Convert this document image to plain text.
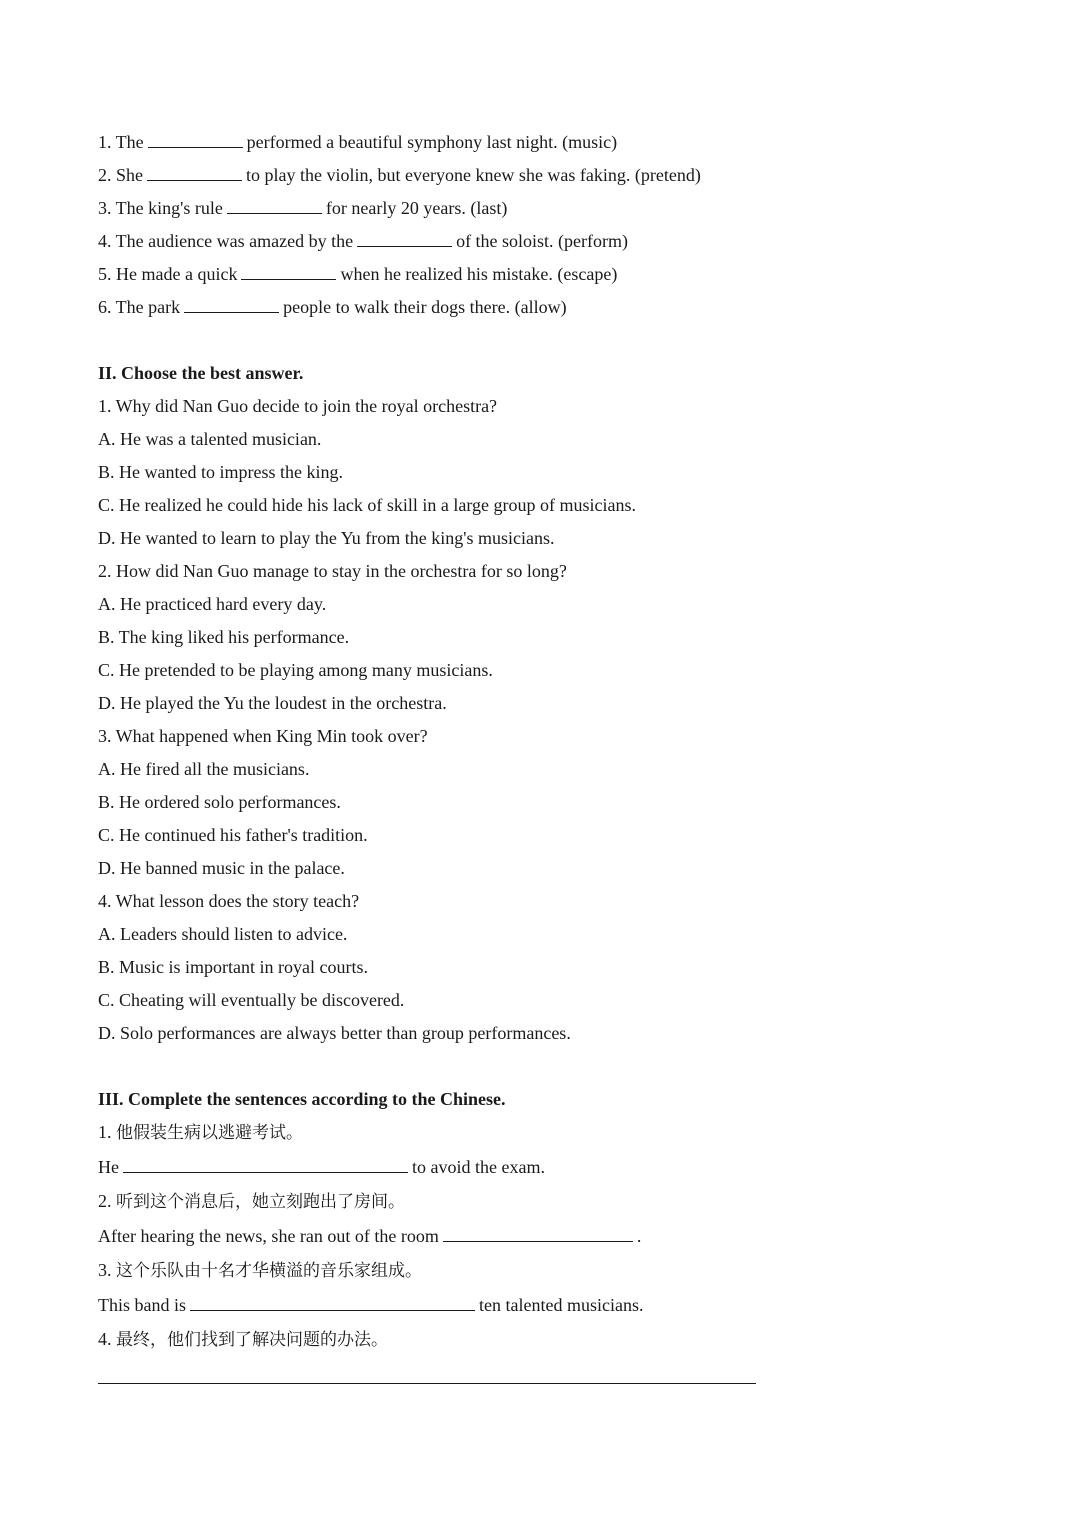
1. The	performed a beautiful symphony last night. (music)
2. She	to play the violin, but everyone knew she was faking. (pretend)
3. The king's rule	for nearly 20 years. (last)
4. The audience was amazed by the	of the soloist. (perform)
5. He made a quick	when he realized his mistake. (escape)
6. The park	people to walk their dogs there. (allow)
II. Choose the best answer.
1. Why did Nan Guo decide to join the royal orchestra?
A. He was a talented musician.
B. He wanted to impress the king.
C. He realized he could hide his lack of skill in a large group of musicians.
D. He wanted to learn to play the Yu from the king's musicians.
2. How did Nan Guo manage to stay in the orchestra for so long?
A. He practiced hard every day.
B. The king liked his performance.
C. He pretended to be playing among many musicians.
D. He played the Yu the loudest in the orchestra.
3. What happened when King Min took over?
A. He fired all the musicians.
B. He ordered solo performances.
C. He continued his father's tradition.
D. He banned music in the palace.
4. What lesson does the story teach?
A. Leaders should listen to advice.
B. Music is important in royal courts.
C. Cheating will eventually be discovered.
D. Solo performances are always better than group performances.
III. Complete the sentences according to the Chinese.
1. 他假装生病以逃避考试。
He	to avoid the exam.
2. 听到这个消息后，她立刻跑出了房间。
After hearing the news, she ran out of the room	.
3. 这个乐队由十名才华横溢的音乐家组成。
This band is	ten talented musicians.
4. 最终，他们找到了解决问题的办法。
